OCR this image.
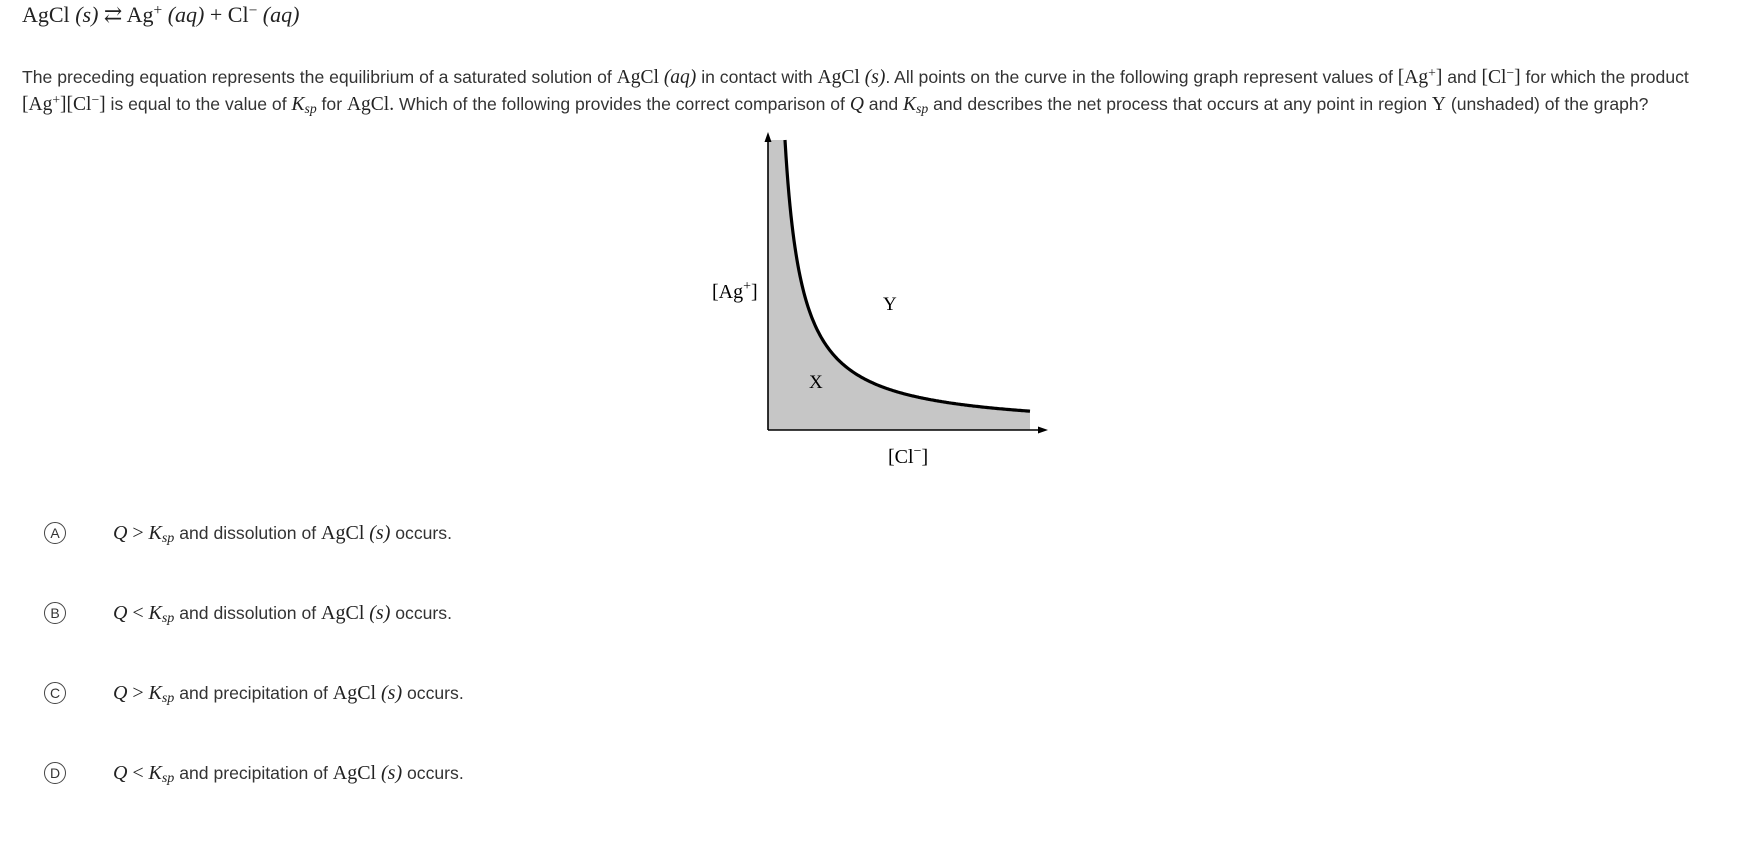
AgCl (s) ⇄ Ag+ (aq) + Cl− (aq)
The preceding equation represents the equilibrium of a saturated solution of AgCl (aq) in contact with AgCl (s). All points on the curve in the following graph represent values of [Ag+] and [Cl−] for which the product [Ag+][Cl−] is equal to the value of $K_{sp}$ for AgCl. Which of the following provides the correct comparison of Q and $K_{sp}$ and describes the net process that occurs at any point in region Y (unshaded) of the graph?
[Ag+]
[Cl−]
X
Y
A	$Q > K_{sp}$ and dissolution of AgCl (s) occurs.
B	$Q < K_{sp}$ and dissolution of AgCl (s) occurs.
C	$Q > K_{sp}$ and precipitation of AgCl (s) occurs.
D	$Q < K_{sp}$ and precipitation of AgCl (s) occurs.
